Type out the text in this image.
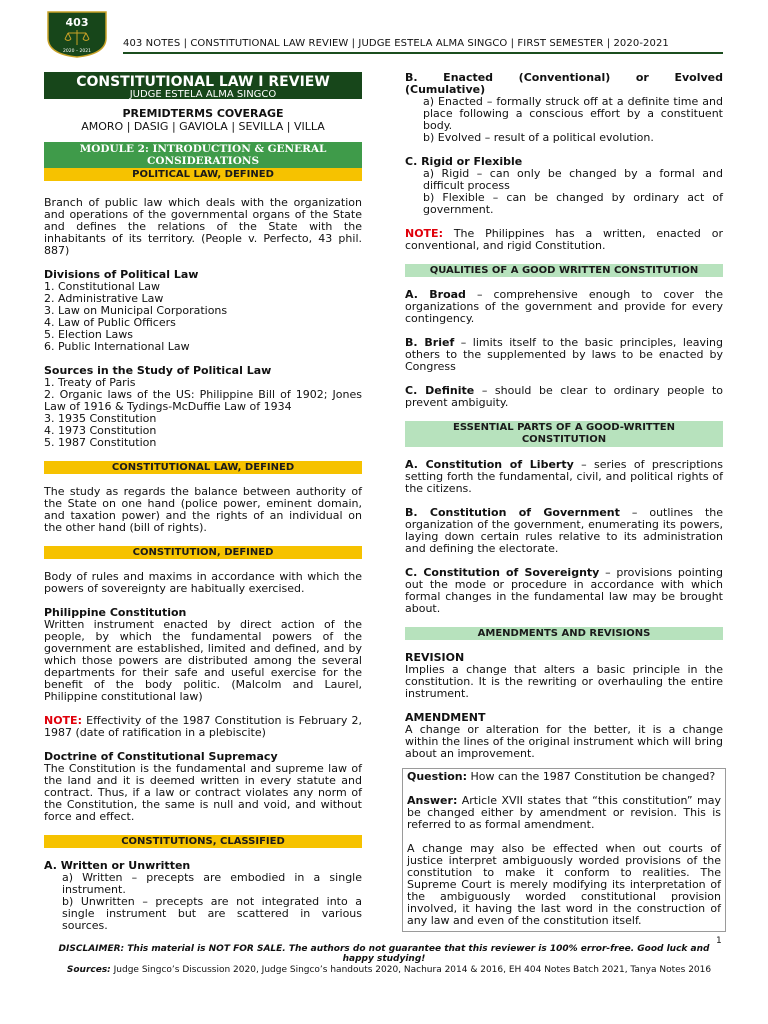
403
2020 – 2021
403 NOTES | CONSTITUTIONAL LAW REVIEW | JUDGE ESTELA ALMA SINGCO | FIRST SEMESTER | 2020-2021
CONSTITUTIONAL LAW I REVIEW
JUDGE ESTELA ALMA SINGCO
PREMIDTERMS COVERAGE
AMORO | DASIG | GAVIOLA | SEVILLA | VILLA
MODULE 2: INTRODUCTION & GENERAL CONSIDERATIONS
POLITICAL LAW, DEFINED

Branch of public law which deals with the organization and operations of the governmental organs of the State and defines the relations of the State with the inhabitants of its territory. (People v. Perfecto, 43 phil. 887)

Divisions of Political Law
1. Constitutional Law
2. Administrative Law
3. Law on Municipal Corporations
4. Law of Public Officers
5. Election Laws
6. Public International Law
Sources in the Study of Political Law
1. Treaty of Paris
2. Organic laws of the US: Philippine Bill of 1902; Jones Law of 1916 & Tydings-McDuffie Law of 1934
3. 1935 Constitution
4. 1973 Constitution
5. 1987 Constitution
CONSTITUTIONAL LAW, DEFINED

The study as regards the balance between authority of the State on one hand (police power, eminent domain, and taxation power) and the rights of an individual on the other hand (bill of rights).

CONSTITUTION, DEFINED

Body of rules and maxims in accordance with which the powers of sovereignty are habitually exercised.

Philippine Constitution

Written instrument enacted by direct action of the people, by which the fundamental powers of the government are established, limited and defined, and by which those powers are distributed among the several departments for their safe and useful exercise for the benefit of the body politic. (Malcolm and Laurel, Philippine constitutional law)

NOTE: Effectivity of the 1987 Constitution is February 2, 1987 (date of ratification in a plebiscite)

Doctrine of Constitutional Supremacy

The Constitution is the fundamental and supreme law of the land and it is deemed written in every statute and contract. Thus, if a law or contract violates any norm of the Constitution, the same is null and void, and without force and effect.

CONSTITUTIONS, CLASSIFIED
A. Written or Unwritten
a) Written – precepts are embodied in a single instrument.
b) Unwritten – precepts are not integrated into a single instrument but are scattered in various sources.

B. Enacted (Conventional) or Evolved (Cumulative)

a) Enacted – formally struck off at a definite time and place following a conscious effort by a constituent body.
b) Evolved – result of a political evolution.
C. Rigid or Flexible
a) Rigid – can only be changed by a formal and difficult process
b) Flexible – can be changed by ordinary act of government.

NOTE: The Philippines has a written, enacted or conventional, and rigid Constitution.

QUALITIES OF A GOOD WRITTEN CONSTITUTION

A. Broad – comprehensive enough to cover the organizations of the government and provide for every contingency.

B. Brief – limits itself to the basic principles, leaving others to the supplemented by laws to be enacted by Congress

C. Definite – should be clear to ordinary people to prevent ambiguity.

ESSENTIAL PARTS OF A GOOD-WRITTEN CONSTITUTION

A. Constitution of Liberty – series of prescriptions setting forth the fundamental, civil, and political rights of the citizens.

B. Constitution of Government – outlines the organization of the government, enumerating its powers, laying down certain rules relative to its administration and defining the electorate.

C. Constitution of Sovereignty – provisions pointing out the mode or procedure in accordance with which formal changes in the fundamental law may be brought about.

AMENDMENTS AND REVISIONS
REVISION

Implies a change that alters a basic principle in the constitution. It is the rewriting or overhauling the entire instrument.

AMENDMENT

A change or alteration for the better, it is a change within the lines of the original instrument which will bring about an improvement.

Question: How can the 1987 Constitution be changed?

Answer: Article XVII states that “this constitution” may be changed either by amendment or revision. This is referred to as formal amendment.

A change may also be effected when out courts of justice interpret ambiguously worded provisions of the constitution to make it conform to realities. The Supreme Court is merely modifying its interpretation of the ambiguously worded constitutional provision involved, it having the last word in the construction of any law and even of the constitution itself.

1
DISCLAIMER: This material is NOT FOR SALE. The authors do not guarantee that this reviewer is 100% error-free. Good luck and happy studying!
Sources: Judge Singco’s Discussion 2020, Judge Singco’s handouts 2020, Nachura 2014 & 2016, EH 404 Notes Batch 2021, Tanya Notes 2016
